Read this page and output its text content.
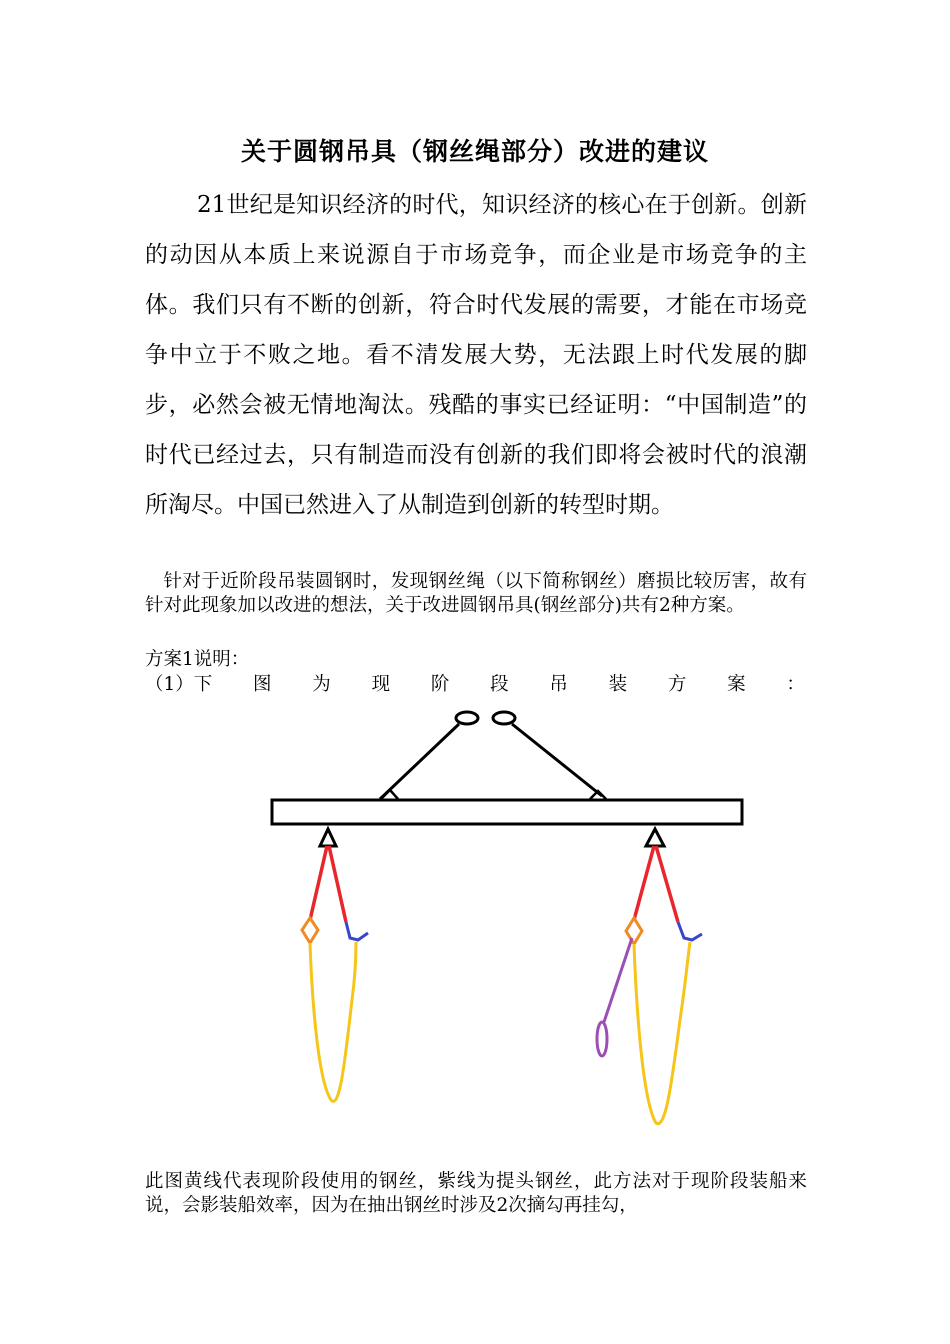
关于圆钢吊具（钢丝绳部分）改进的建议
21世纪是知识经济的时代，知识经济的核心在于创新。创新的动因从本质上来说源自于市场竞争，而企业是市场竞争的主体。我们只有不断的创新，符合时代发展的需要，才能在市场竞争中立于不败之地。看不清发展大势，无法跟上时代发展的脚步，必然会被无情地淘汰。残酷的事实已经证明：“中国制造”的时代已经过去，只有制造而没有创新的我们即将会被时代的浪潮所淘尽。中国已然进入了从制造到创新的转型时期。
针对于近阶段吊装圆钢时，发现钢丝绳（以下简称钢丝）磨损比较厉害，故有针对此现象加以改进的想法，关于改进圆钢吊具(钢丝部分)共有2种方案。
方案1说明：
（1）下 图 为 现 阶 段 吊 装 方 案 ：
此图黄线代表现阶段使用的钢丝，紫线为提头钢丝，此方法对于现阶段装船来说，会影装船效率，因为在抽出钢丝时涉及2次摘勾再挂勾，
